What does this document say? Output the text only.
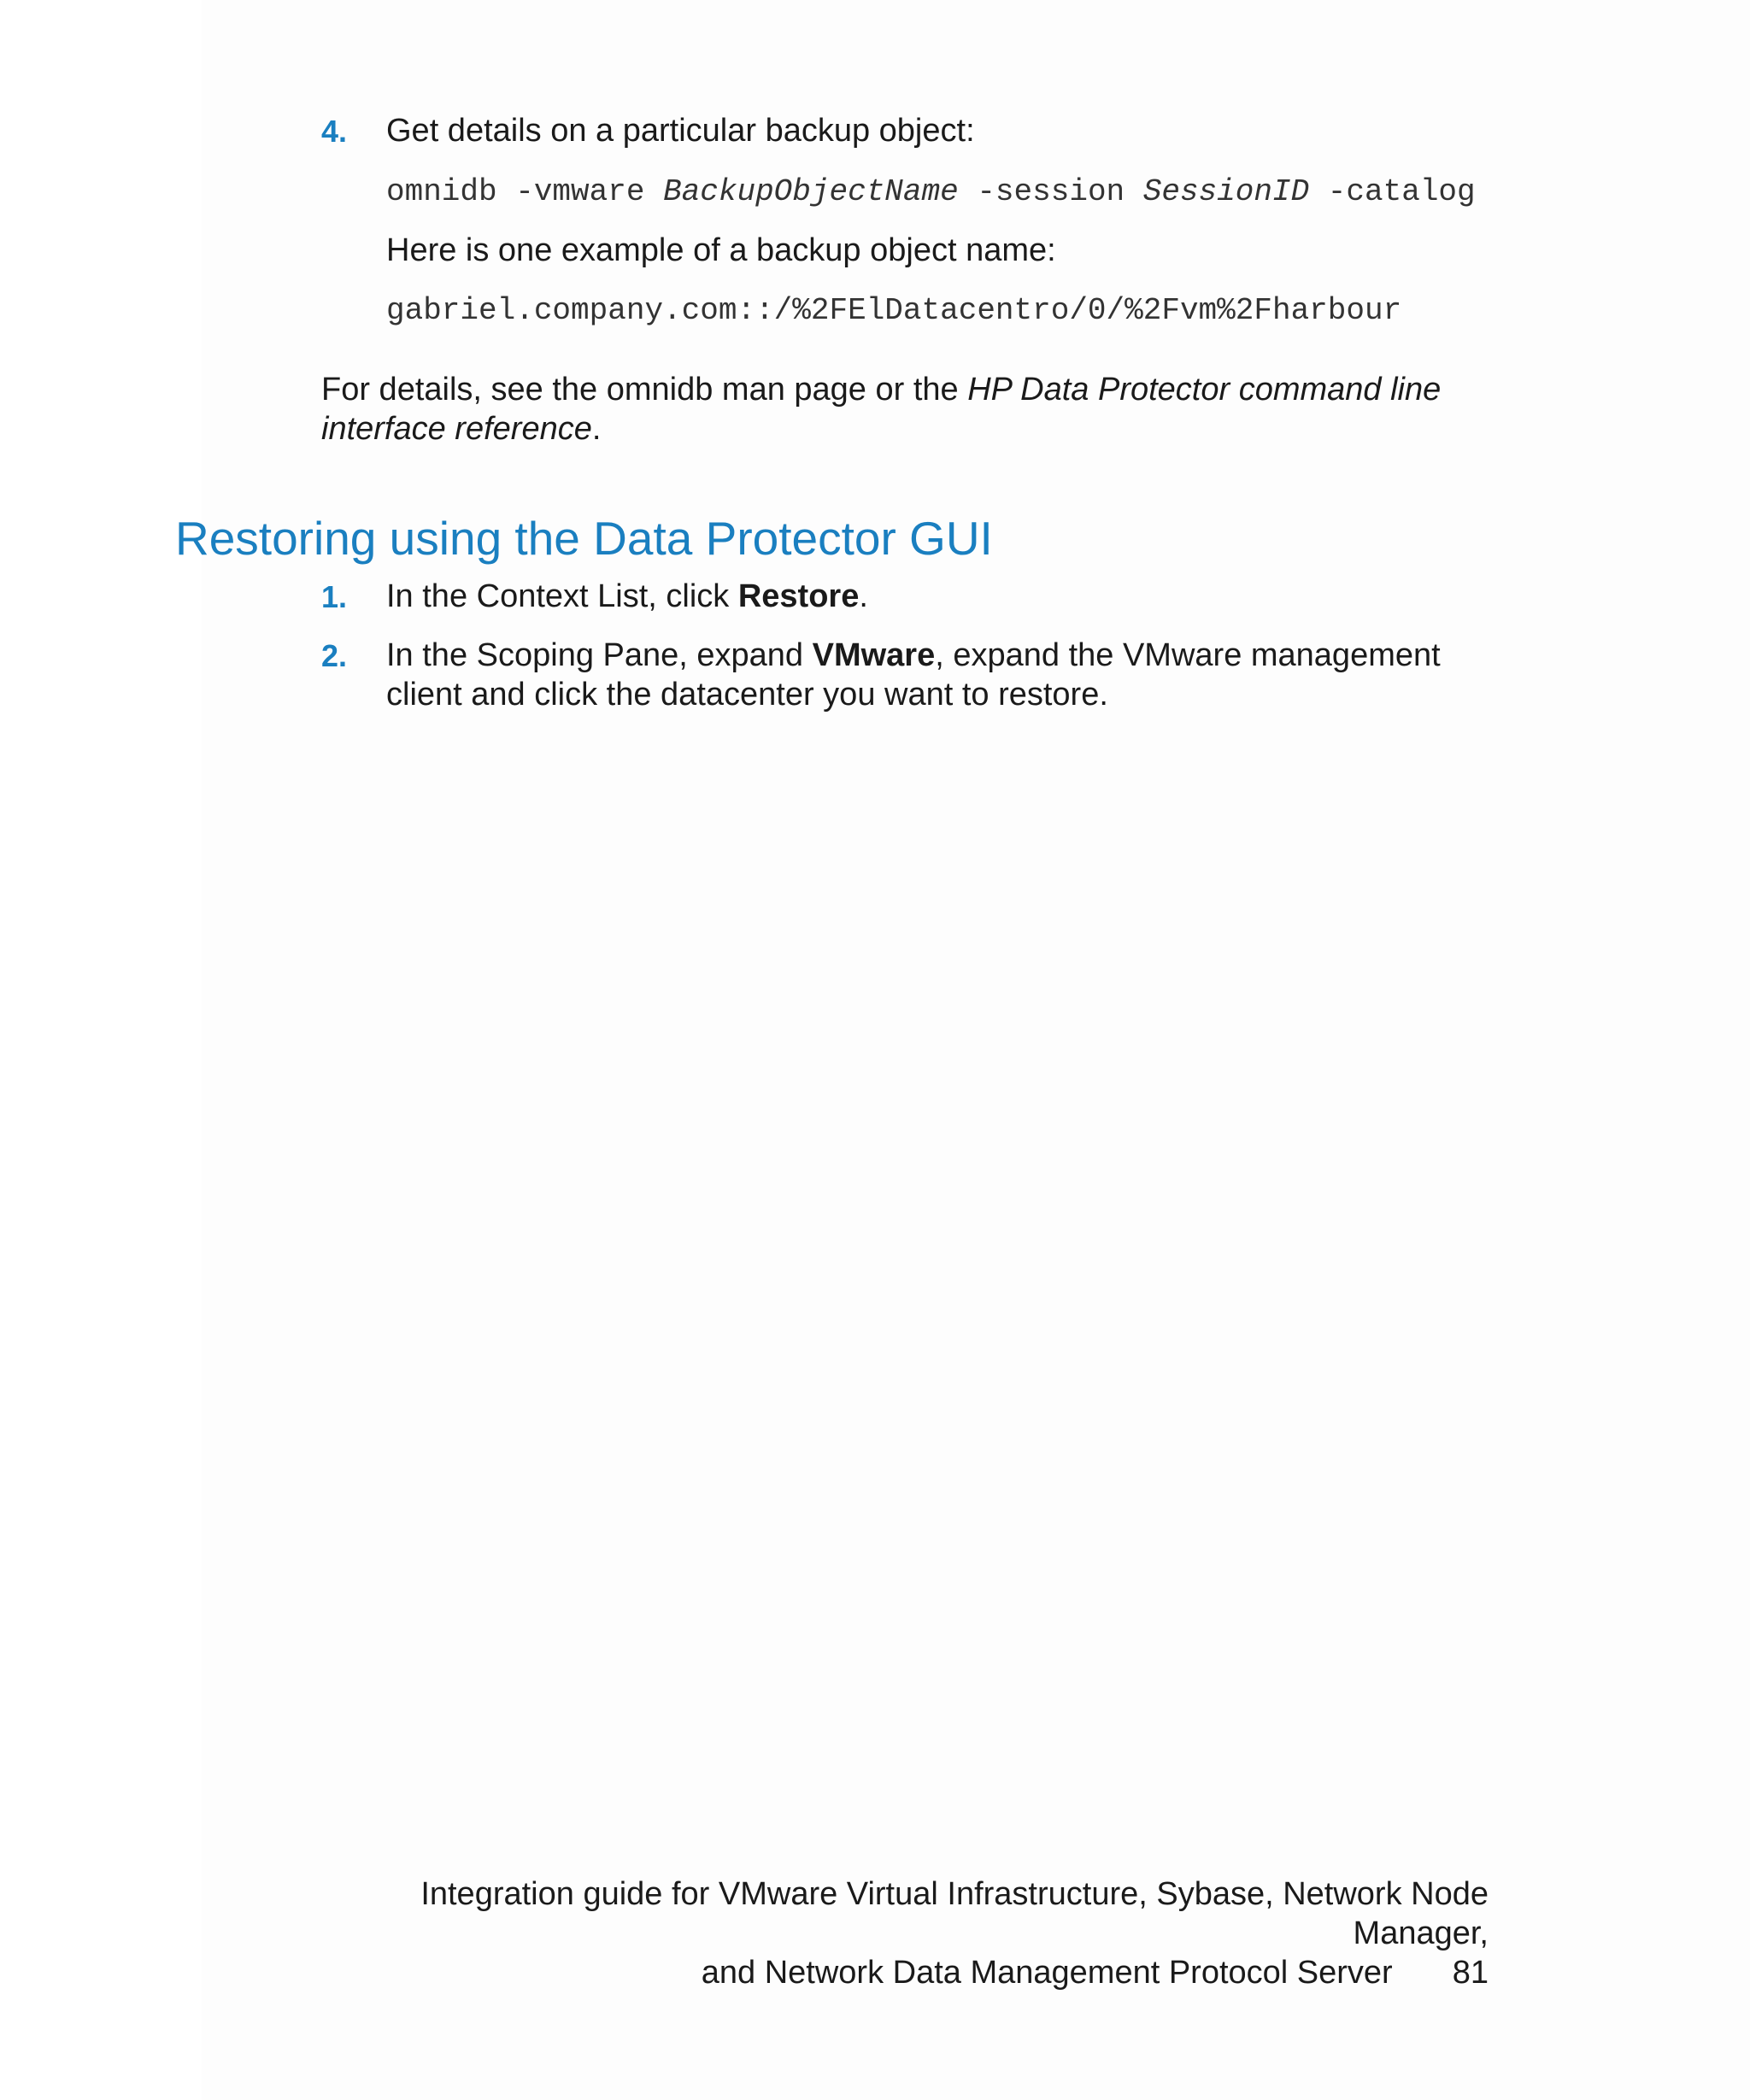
4. Get details on a particular backup object:
omnidb -vmware BackupObjectName -session SessionID -catalog
Here is one example of a backup object name:
gabriel.company.com::/%2FElDatacentro/0/%2Fvm%2Fharbour
For details, see the omnidb man page or the HP Data Protector command line interface reference.
Restoring using the Data Protector GUI
1. In the Context List, click Restore.
2. In the Scoping Pane, expand VMware, expand the VMware management client and click the datacenter you want to restore.
Integration guide for VMware Virtual Infrastructure, Sybase, Network Node Manager,
and Network Data Management Protocol Server 81
